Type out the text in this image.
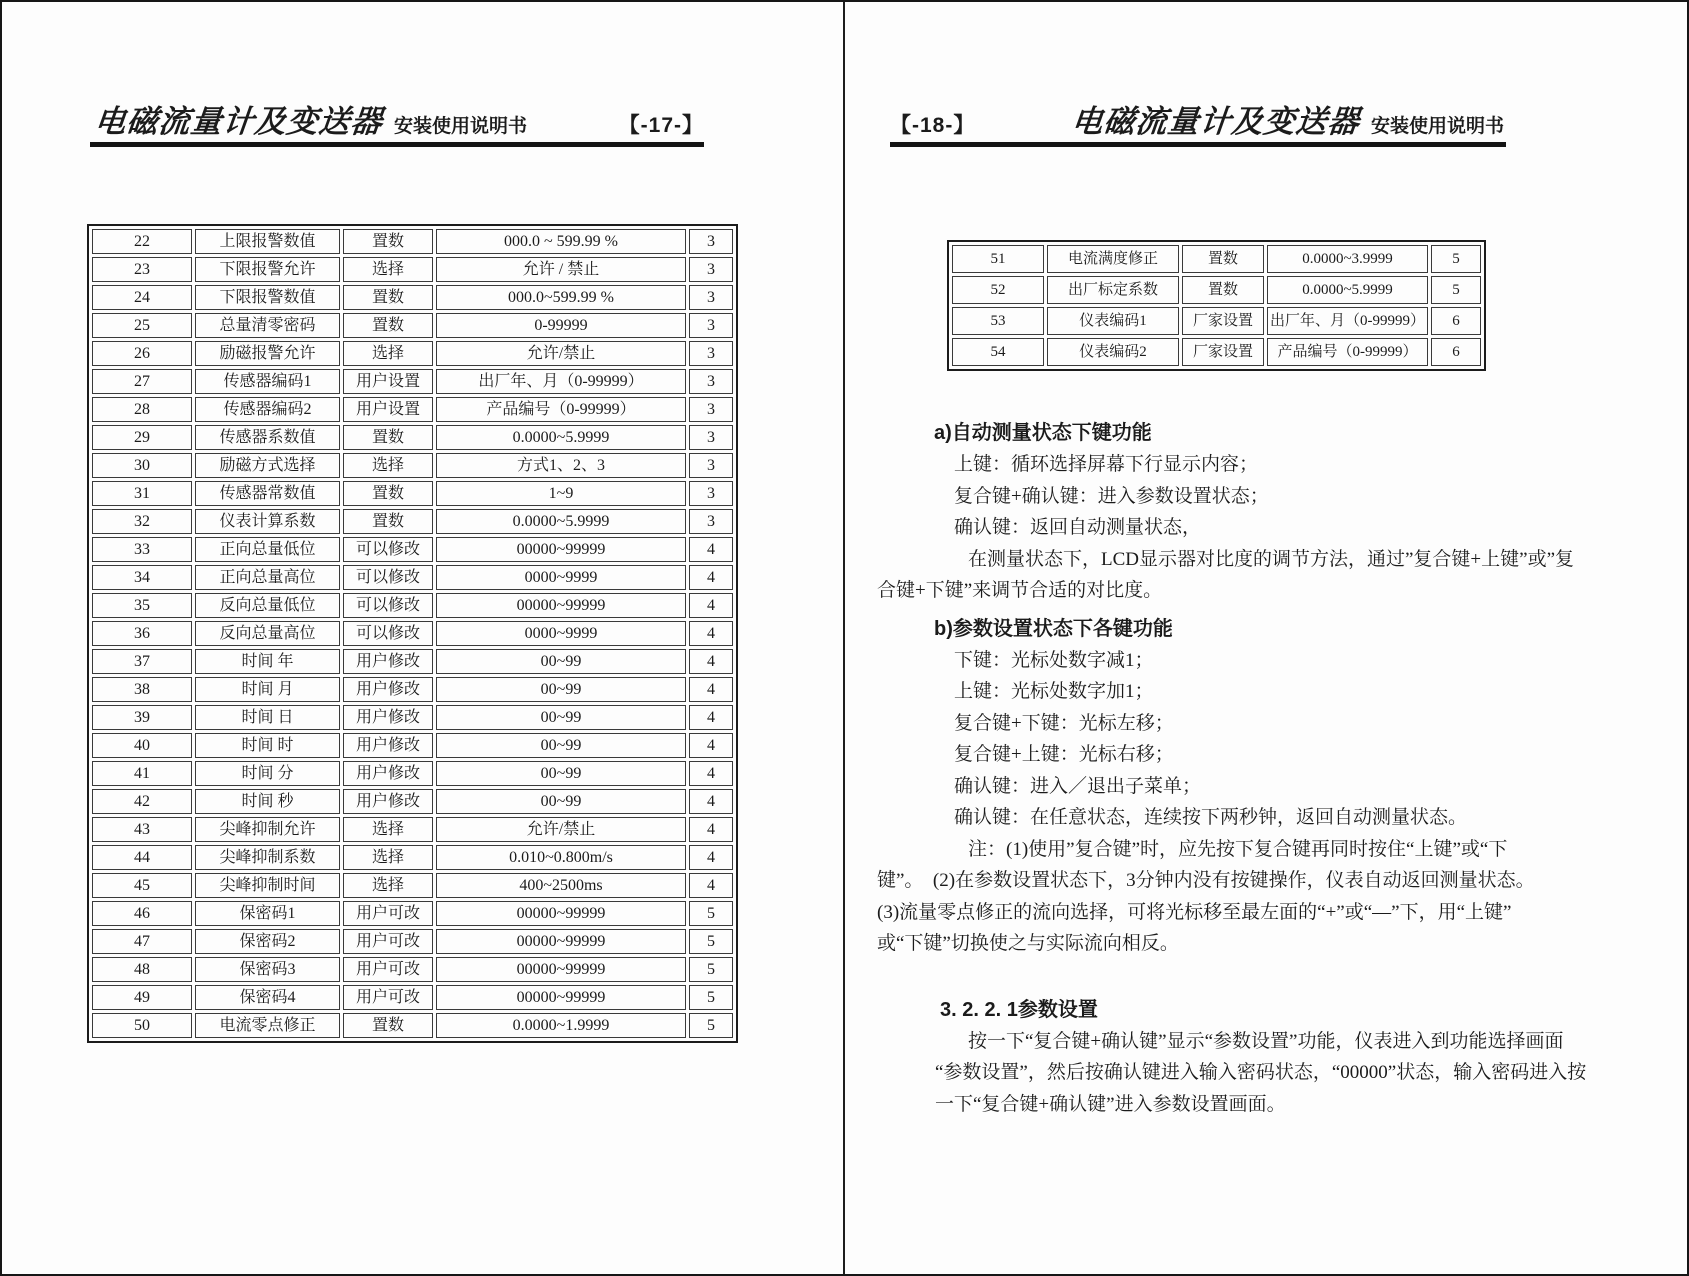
电磁流量计及变送器 安装使用说明书	【-17-】
22	上限报警数值	置数	000.0 ~ 599.99 %	3
23	下限报警允许	选择	允许 / 禁止	3
24	下限报警数值	置数	000.0~599.99 %	3
25	总量清零密码	置数	0-99999	3
26	励磁报警允许	选择	允许/禁止	3
27	传感器编码1	用户设置	出厂年、月（0-99999）	3
28	传感器编码2	用户设置	产品编号（0-99999）	3
29	传感器系数值	置数	0.0000~5.9999	3
30	励磁方式选择	选择	方式1、2、3	3
31	传感器常数值	置数	1~9	3
32	仪表计算系数	置数	0.0000~5.9999	3
33	正向总量低位	可以修改	00000~99999	4
34	正向总量高位	可以修改	0000~9999	4
35	反向总量低位	可以修改	00000~99999	4
36	反向总量高位	可以修改	0000~9999	4
37	时间 年	用户修改	00~99	4
38	时间 月	用户修改	00~99	4
39	时间 日	用户修改	00~99	4
40	时间 时	用户修改	00~99	4
41	时间 分	用户修改	00~99	4
42	时间 秒	用户修改	00~99	4
43	尖峰抑制允许	选择	允许/禁止	4
44	尖峰抑制系数	选择	0.010~0.800m/s	4
45	尖峰抑制时间	选择	400~2500ms	4
46	保密码1	用户可改	00000~99999	5
47	保密码2	用户可改	00000~99999	5
48	保密码3	用户可改	00000~99999	5
49	保密码4	用户可改	00000~99999	5
50	电流零点修正	置数	0.0000~1.9999	5
【-18-】	电磁流量计及变送器 安装使用说明书
51	电流满度修正	置数	0.0000~3.9999	5
52	出厂标定系数	置数	0.0000~5.9999	5
53	仪表编码1	厂家设置	出厂年、月（0-99999）	6
54	仪表编码2	厂家设置	产品编号（0-99999）	6
a)自动测量状态下键功能
上键：循环选择屏幕下行显示内容；
复合键+确认键：进入参数设置状态；
确认键：返回自动测量状态，
在测量状态下，LCD显示器对比度的调节方法，通过”复合键+上键”或”复
合键+下键”来调节合适的对比度。
b)参数设置状态下各键功能
下键：光标处数字减1；
上键：光标处数字加1；
复合键+下键：光标左移；
复合键+上键：光标右移；
确认键：进入／退出子菜单；
确认键：在任意状态，连续按下两秒钟，返回自动测量状态。
注：(1)使用”复合键”时，应先按下复合键再同时按住“上键”或“下
键”。　(2)在参数设置状态下，3分钟内没有按键操作，仪表自动返回测量状态。
(3)流量零点修正的流向选择，可将光标移至最左面的“+”或“—”下，用“上键”
或“下键”切换使之与实际流向相反。
3. 2. 2. 1参数设置
按一下“复合键+确认键”显示“参数设置”功能，仪表进入到功能选择画面
“参数设置”，然后按确认键进入输入密码状态，“00000”状态，输入密码进入按
一下“复合键+确认键”进入参数设置画面。
